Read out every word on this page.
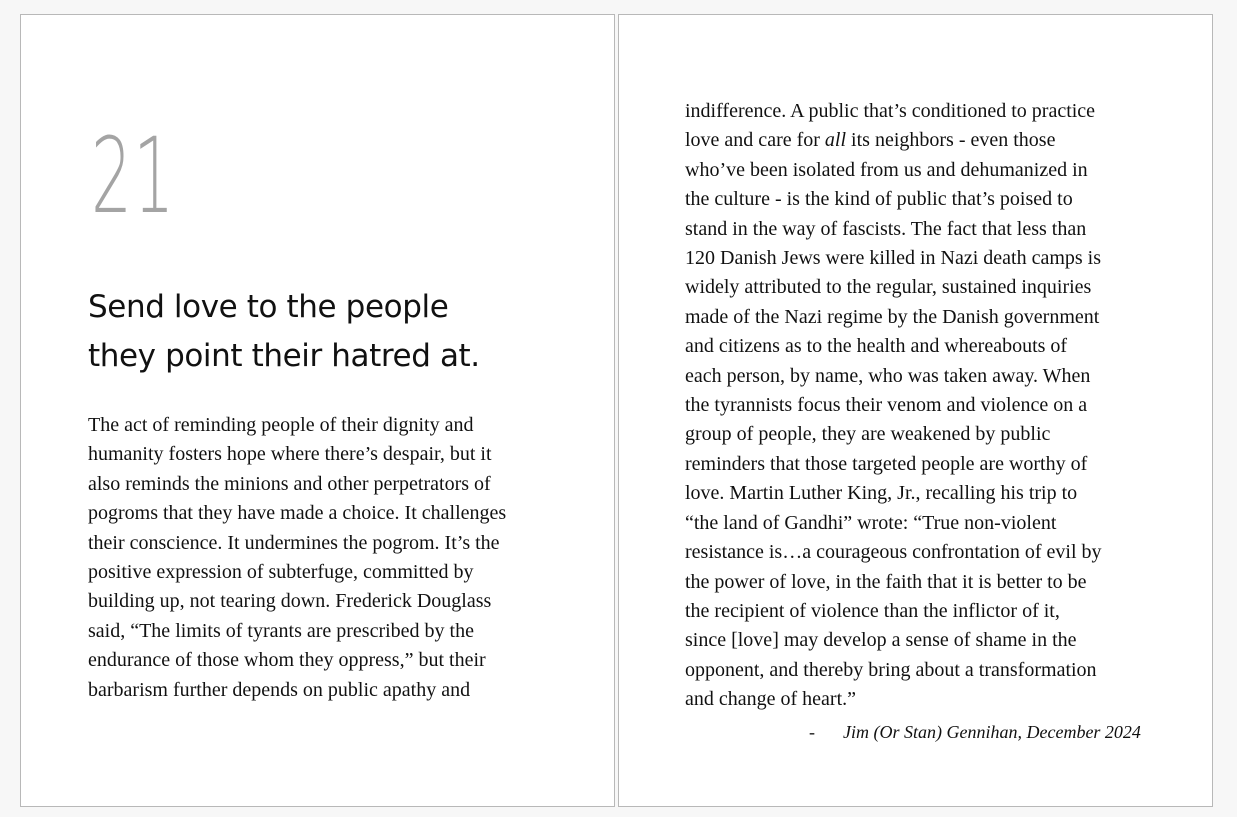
21
Send love to the people
they point their hatred at.

The act of reminding people of their dignity and
humanity fosters hope where there’s despair, but it
also reminds the minions and other perpetrators of
pogroms that they have made a choice. It challenges
their conscience. It undermines the pogrom. It’s the
positive expression of subterfuge, committed by
building up, not tearing down. Frederick Douglass
said, “The limits of tyrants are prescribed by the
endurance of those whom they oppress,” but their
barbarism further depends on public apathy and

indifference. A public that’s conditioned to practice
love and care for all its neighbors - even those
who’ve been isolated from us and dehumanized in
the culture - is the kind of public that’s poised to
stand in the way of fascists. The fact that less than
120 Danish Jews were killed in Nazi death camps is
widely attributed to the regular, sustained inquiries
made of the Nazi regime by the Danish government
and citizens as to the health and whereabouts of
each person, by name, who was taken away. When
the tyrannists focus their venom and violence on a
group of people, they are weakened by public
reminders that those targeted people are worthy of
love. Martin Luther King, Jr., recalling his trip to
“the land of Gandhi” wrote: “True non-violent
resistance is…a courageous confrontation of evil by
the power of love, in the faith that it is better to be
the recipient of violence than the inflictor of it,
since [love] may develop a sense of shame in the
opponent, and thereby bring about a transformation
and change of heart.”

- Jim (Or Stan) Gennihan, December 2024
